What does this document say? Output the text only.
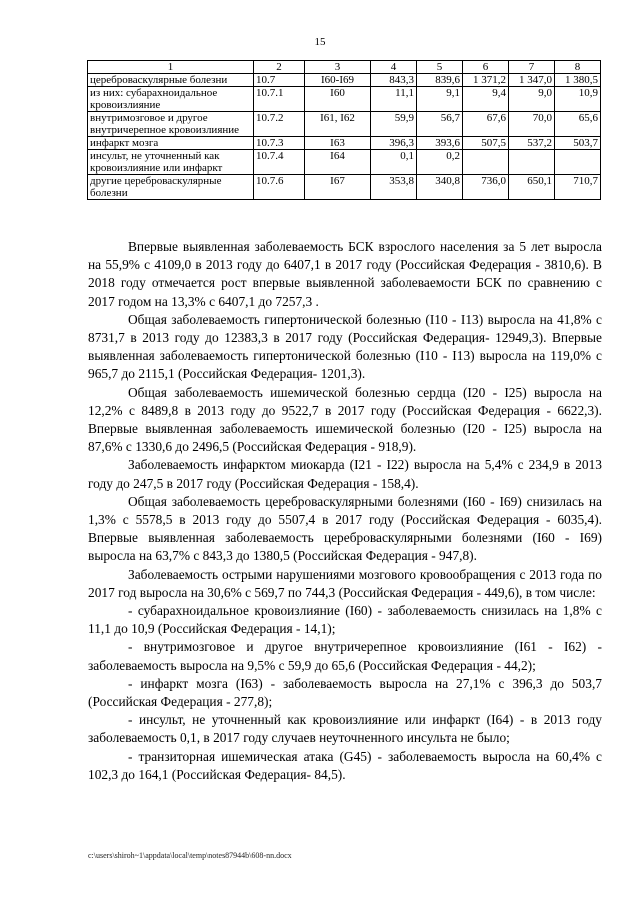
15
1	2	3	4	5	6	7	8
цереброваскулярные болезни	10.7	I60-I69	843,3	839,6	1 371,2	1 347,0	1 380,5
из них: субарахноидальное кровоизлияние	10.7.1	I60	11,1	9,1	9,4	9,0	10,9
внутримозговое и другое внутричерепное кровоизлияние	10.7.2	I61, I62	59,9	56,7	67,6	70,0	65,6
инфаркт мозга	10.7.3	I63	396,3	393,6	507,5	537,2	503,7
инсульт, не уточненный как кровоизлияние или инфаркт	10.7.4	I64	0,1	0,2			
другие цереброваскулярные болезни	10.7.6	I67	353,8	340,8	736,0	650,1	710,7

Впервые выявленная заболеваемость БСК взрослого населения за 5 лет выросла на 55,9% с 4109,0 в 2013 году до 6407,1 в 2017 году (Российская Федерация - 3810,6). В 2018 году отмечается рост впервые выявленной заболеваемости БСК по сравнению с 2017 годом на 13,3% с 6407,1 до 7257,3 .

Общая заболеваемость гипертонической болезнью (I10 - I13) выросла на 41,8% с 8731,7 в 2013 году до 12383,3 в 2017 году (Российская Федерация- 12949,3). Впервые выявленная заболеваемость гипертонической болезнью (I10 - I13) выросла на 119,0% с 965,7 до 2115,1 (Российская Федерация- 1201,3).

Общая заболеваемость ишемической болезнью сердца (I20 - I25) выросла на 12,2% с 8489,8 в 2013 году до 9522,7 в 2017 году (Российская Федерация - 6622,3). Впервые выявленная заболеваемость ишемической болезнью (I20 - I25) выросла на 87,6% с 1330,6 до 2496,5 (Российская Федерация - 918,9).

Заболеваемость инфарктом миокарда (I21 - I22) выросла на 5,4% с 234,9 в 2013 году до 247,5 в 2017 году (Российская Федерация - 158,4).

Общая заболеваемость цереброваскулярными болезнями (I60 - I69) снизилась на 1,3% с 5578,5 в 2013 году до 5507,4 в 2017 году (Российская Федерация - 6035,4). Впервые выявленная заболеваемость цереброваскулярными болезнями (I60 - I69) выросла на 63,7% с 843,3 до 1380,5 (Российская Федерация - 947,8).

Заболеваемость острыми нарушениями мозгового кровообращения с 2013 года по 2017 год выросла на 30,6% с 569,7 по 744,3 (Российская Федерация - 449,6), в том числе:

- субарахноидальное кровоизлияние (I60) - заболеваемость снизилась на 1,8% с 11,1 до 10,9 (Российская Федерация - 14,1);

- внутримозговое и другое внутричерепное кровоизлияние (I61 - I62) - заболеваемость выросла на 9,5% с 59,9 до 65,6 (Российская Федерация - 44,2);

- инфаркт мозга (I63) - заболеваемость выросла на 27,1% с 396,3 до 503,7 (Российская Федерация - 277,8);

- инсульт, не уточненный как кровоизлияние или инфаркт (I64) - в 2013 году заболеваемость 0,1, в 2017 году случаев неуточненного инсульта не было;

- транзиторная ишемическая атака (G45) - заболеваемость выросла на 60,4% с 102,3 до 164,1 (Российская Федерация- 84,5).

c:\users\shiroh~1\appdata\local\temp\notes87944b\608-nn.docx
